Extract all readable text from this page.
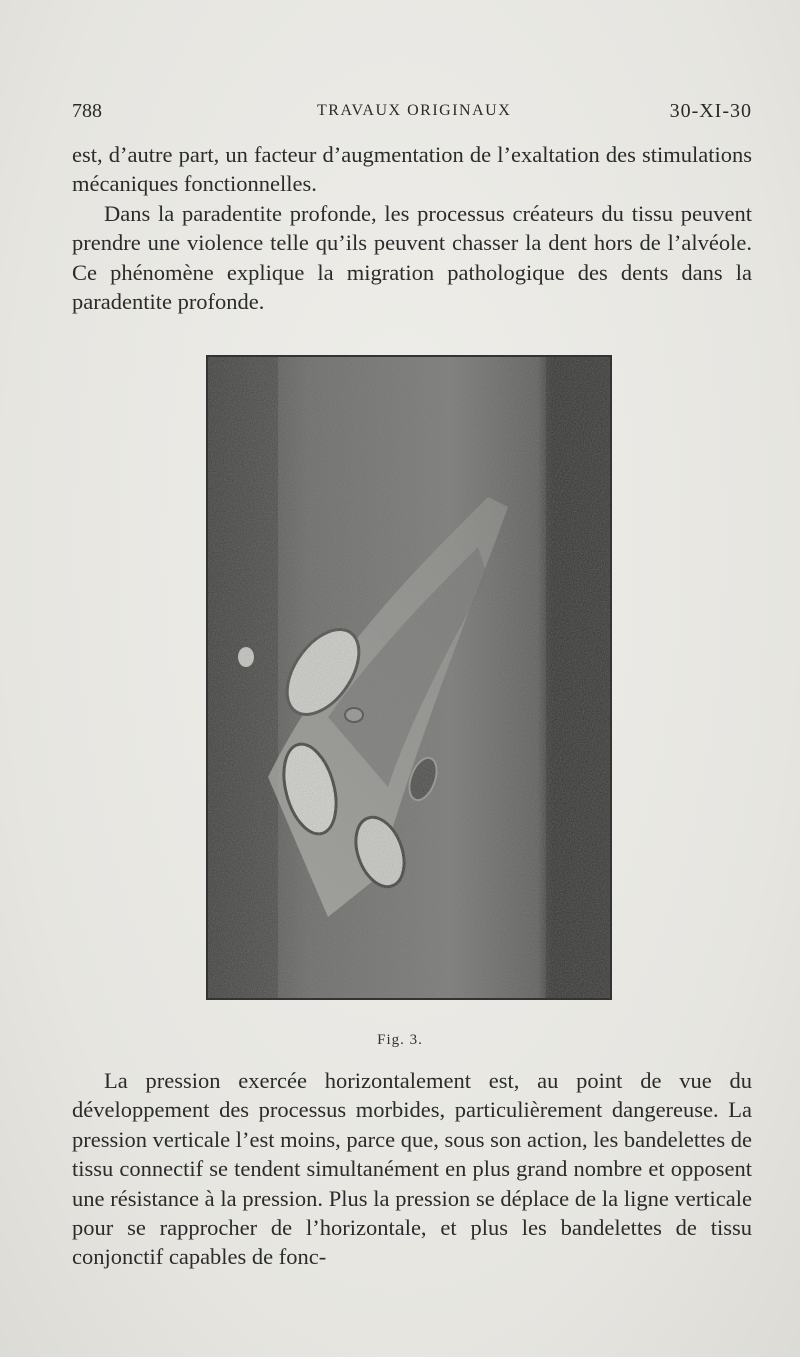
788	TRAVAUX ORIGINAUX	30-XI-30

est, d’autre part, un facteur d’augmentation de l’exaltation des stimulations mécaniques fonctionnelles.

Dans la paradentite profonde, les processus créateurs du tissu peuvent prendre une violence telle qu’ils peuvent chasser la dent hors de l’alvéole. Ce phénomène explique la migration pathologique des dents dans la paradentite profonde.

Fig. 3.

La pression exercée horizontalement est, au point de vue du développement des processus morbides, particulièrement dangereuse. La pression verticale l’est moins, parce que, sous son action, les bandelettes de tissu connectif se tendent simultanément en plus grand nombre et opposent une résistance à la pression. Plus la pression se déplace de la ligne verticale pour se rapprocher de l’horizontale, et plus les bandelettes de tissu conjonctif capables de fonc-
